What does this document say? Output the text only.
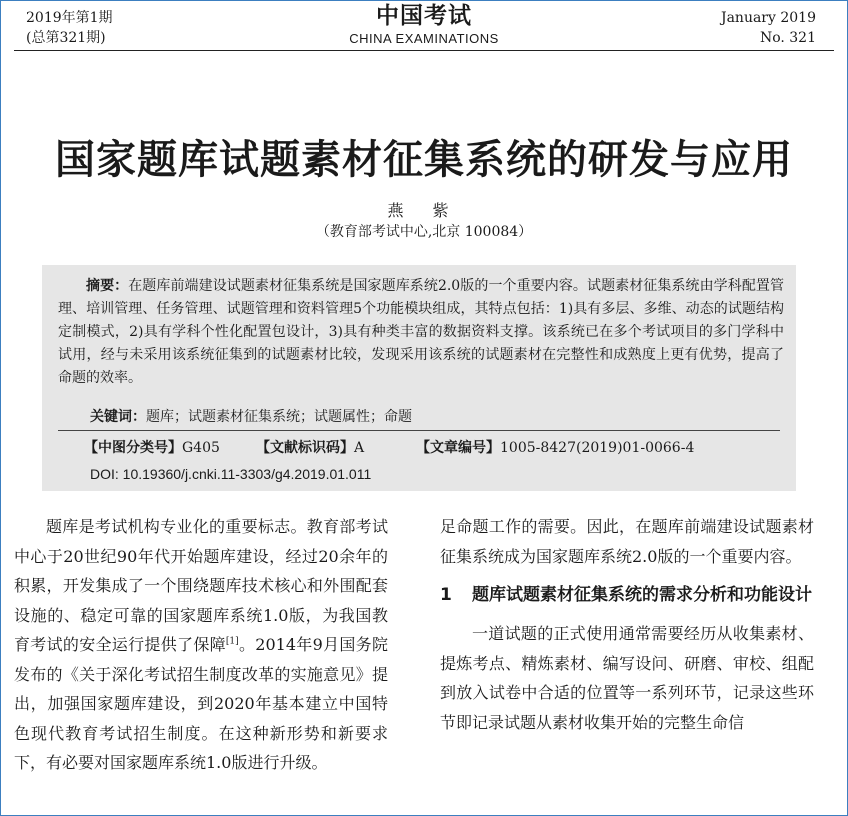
2019年第1期
(总第321期)
中国考试
CHINA EXAMINATIONS
January 2019
No. 321
国家题库试题素材征集系统的研发与应用
燕 紫
（教育部考试中心,北京 100084）
摘要：在题库前端建设试题素材征集系统是国家题库系统2.0版的一个重要内容。试题素材征集系统由学科配置管理、培训管理、任务管理、试题管理和资料管理5个功能模块组成，其特点包括：1)具有多层、多维、动态的试题结构定制模式，2)具有学科个性化配置包设计，3)具有种类丰富的数据资料支撑。该系统已在多个考试项目的多门学科中试用，经与未采用该系统征集到的试题素材比较，发现采用该系统的试题素材在完整性和成熟度上更有优势，提高了命题的效率。
关键词：题库；试题素材征集系统；试题属性；命题
【中图分类号】G405	【文献标识码】A	【文章编号】1005-8427(2019)01-0066-4
DOI: 10.19360/j.cnki.11-3303/g4.2019.01.011

题库是考试机构专业化的重要标志。教育部考试中心于20世纪90年代开始题库建设，经过20余年的积累，开发集成了一个围绕题库技术核心和外围配套设施的、稳定可靠的国家题库系统1.0版，为我国教育考试的安全运行提供了保障[1]。2014年9月国务院发布的《关于深化考试招生制度改革的实施意见》提出，加强国家题库建设，到2020年基本建立中国特色现代教育考试招生制度。在这种新形势和新要求下，有必要对国家题库系统1.0版进行升级。

足命题工作的需要。因此，在题库前端建设试题素材征集系统成为国家题库系统2.0版的一个重要内容。

1	题库试题素材征集系统的需求分析和功能设计

一道试题的正式使用通常需要经历从收集素材、提炼考点、精炼素材、编写设问、研磨、审校、组配到放入试卷中合适的位置等一系列环节，记录这些环节即记录试题从素材收集开始的完整生命信
